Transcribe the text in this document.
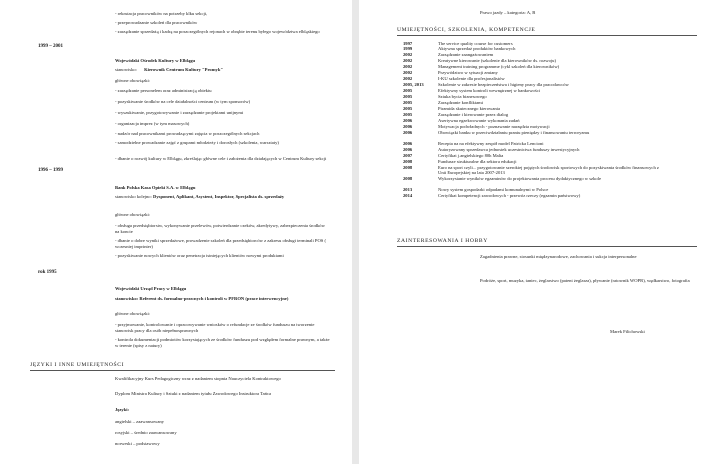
- rekrutacja pracowników na potrzeby klku sekcji,
- przeprowadzanie szkoleń dla pracowników
- zarządzanie sprzedażą i kadrą na poszczególnych rejonach w obrębie terenu byłego województwa elbląskiego
1999 – 2001
Wojewódzki Ośrodek Kultury w Elblągu
stanowisko: Kierownik Centrum Kultury "Promyk"
główne obowiązki:
- zarządzanie personelem oraz administracją obiektu
- pozyskiwanie środków na cele działalności centrum (w tym sponsorów)
- wyszukiwanie, przygotowywanie i zarządzanie projektami unijnymi
- organizacja imprez (w tym masowych)
- nadzór nad pracownikami prowadzącymi zajęcia w poszczególnych sekcjach
- samodzielne prowadzanie zajęć z grupami młodzieży i dorosłych (szkolenia, warsztaty)
- dbanie o rozwój kultury w Elblągu, zkreślając główne cele i założenia dla działających w Centrum Kultury sekcji
1996 – 1999
Bank Polska Kasa Opieki S.A. w Elblągu
stanowisko kolejno: Dysponent, Aplikant, Asystent, Inspektor, Specjalista ds. sprzedaży
główne obowiązki:
- obsługa przedsiębiorstw, wykonywanie przelewów, potwierdzanie czeków, akredytywy, zabezpieczenia środków na koncie
- dbanie o dobre wyniki sprzedażowe, prowadzenie szkoleń dla przedsiębiorców z zakresu obsługi terminali POS ( wczesniej imprinter)
- pozyskiwanie nowych klientów oraz penetracja istniejących klientów nowymi produktami
rok 1995
Wojewódzki Urząd Pracy w Elblągu
stanowisko: Referent ds. formalno-prawnych i kontroli w PFRON (prace interwencyjne)
główne obowiązki:
- przyjmowanie, kontrolowanie i opracowywanie wniosków o refundacje ze środków funduszu na tworzenie stanowisk pracy dla osób niepełnosprawnych
- kontrola dokumentacji podmiotów korzystających ze środków funduszu pod względem formalne prawnym, a także w terenie (spisy z natury)
JĘZYKI I INNE UMIEJĘTNOŚCI
Kwalifikacyjny Kurs Pedagogiczny wraz z nadaniem stopnia Nauczyciela Kontraktowego
Dyplom Ministra Kultury i Sztuki z nadaniem tytułu Zawodowego Instruktora Tańca
Języki:
angielski – zaawansowany
rosyjski – średnio zaawansowany
norweski – podstawowy
Prawo jazdy – kategoria: A, B
UMIEJĘTNOŚCI, SZKOLENIA, KOMPETENCJE
1997	The service quality course for customers
1999	Aktywna sprzedaż produktów bankowych
2002	Zarządzanie zaangażowaniem
2002	Kreatywne kierowanie (szkolenie dla kierowników ds. rozwoju)
2002	Management training programme (cykl szkoleń dla kierowników)
2002	Przywództwo w sytuacji zmiany
2002	I-KU szkolenie dla profesjonalistów
2005, 2013	Szkolenie w zakresie bezpieczeństwa i higieny pracy dla pracodawców
2005	Efektywny system kontroli wewnętrznej w bankowości
2005	Sztuka bycia biznesowego
2005	Zarządzanie konfliktami
2005	Piramida skutecznego kierowania
2005	Zarządzanie i kierowanie przez dialog
2006	Asertywna egzekwowanie wykonania zadań
2006	Motywacja podwładnych - poznawanie narzędzia motywacji
2006	Obowiązki banku w przeciwdziałaniu praniu pieniędzy i finansowaniu terroryzmu
2006	Recepta na na efektywny zespół model Patricka Lencioni
2006	Autoryzowany sprzedawca jednostek uczestnictwa funduszy inwestycyjnych
2007	Certyfikat j.angielskiego 80h Malta
2008	Fundusze strukturalne dla sektora edukacji
2008	Euro na sport czyli... przygotowanie szerokiej pojętych środowisk sportowych do pozyskiwania środków finansowych z Unii Europejskiej na lata 2007-2013
2008	Wykorzystanie wyników egzaminów do projektowania procesu dydaktycznego w szkole
2013	Nowy system gospodarki odpadami komunalnymi w Polsce
2014	Certyfikat kompetencji zawodowych - przewóz rzeczy (egzamin państwowy)
ZAINTERESOWANIA I HOBBY
Zagadnienia prawne, stosunki międzynarodowe, zachowania i sukcja interpersonalne
Podróże, sport, muzyka, taniec, żeglarstwo (patent żeglarza), pływanie (ratownik WOPR), wędkarstwo, fotografia
Marek Filichowski
